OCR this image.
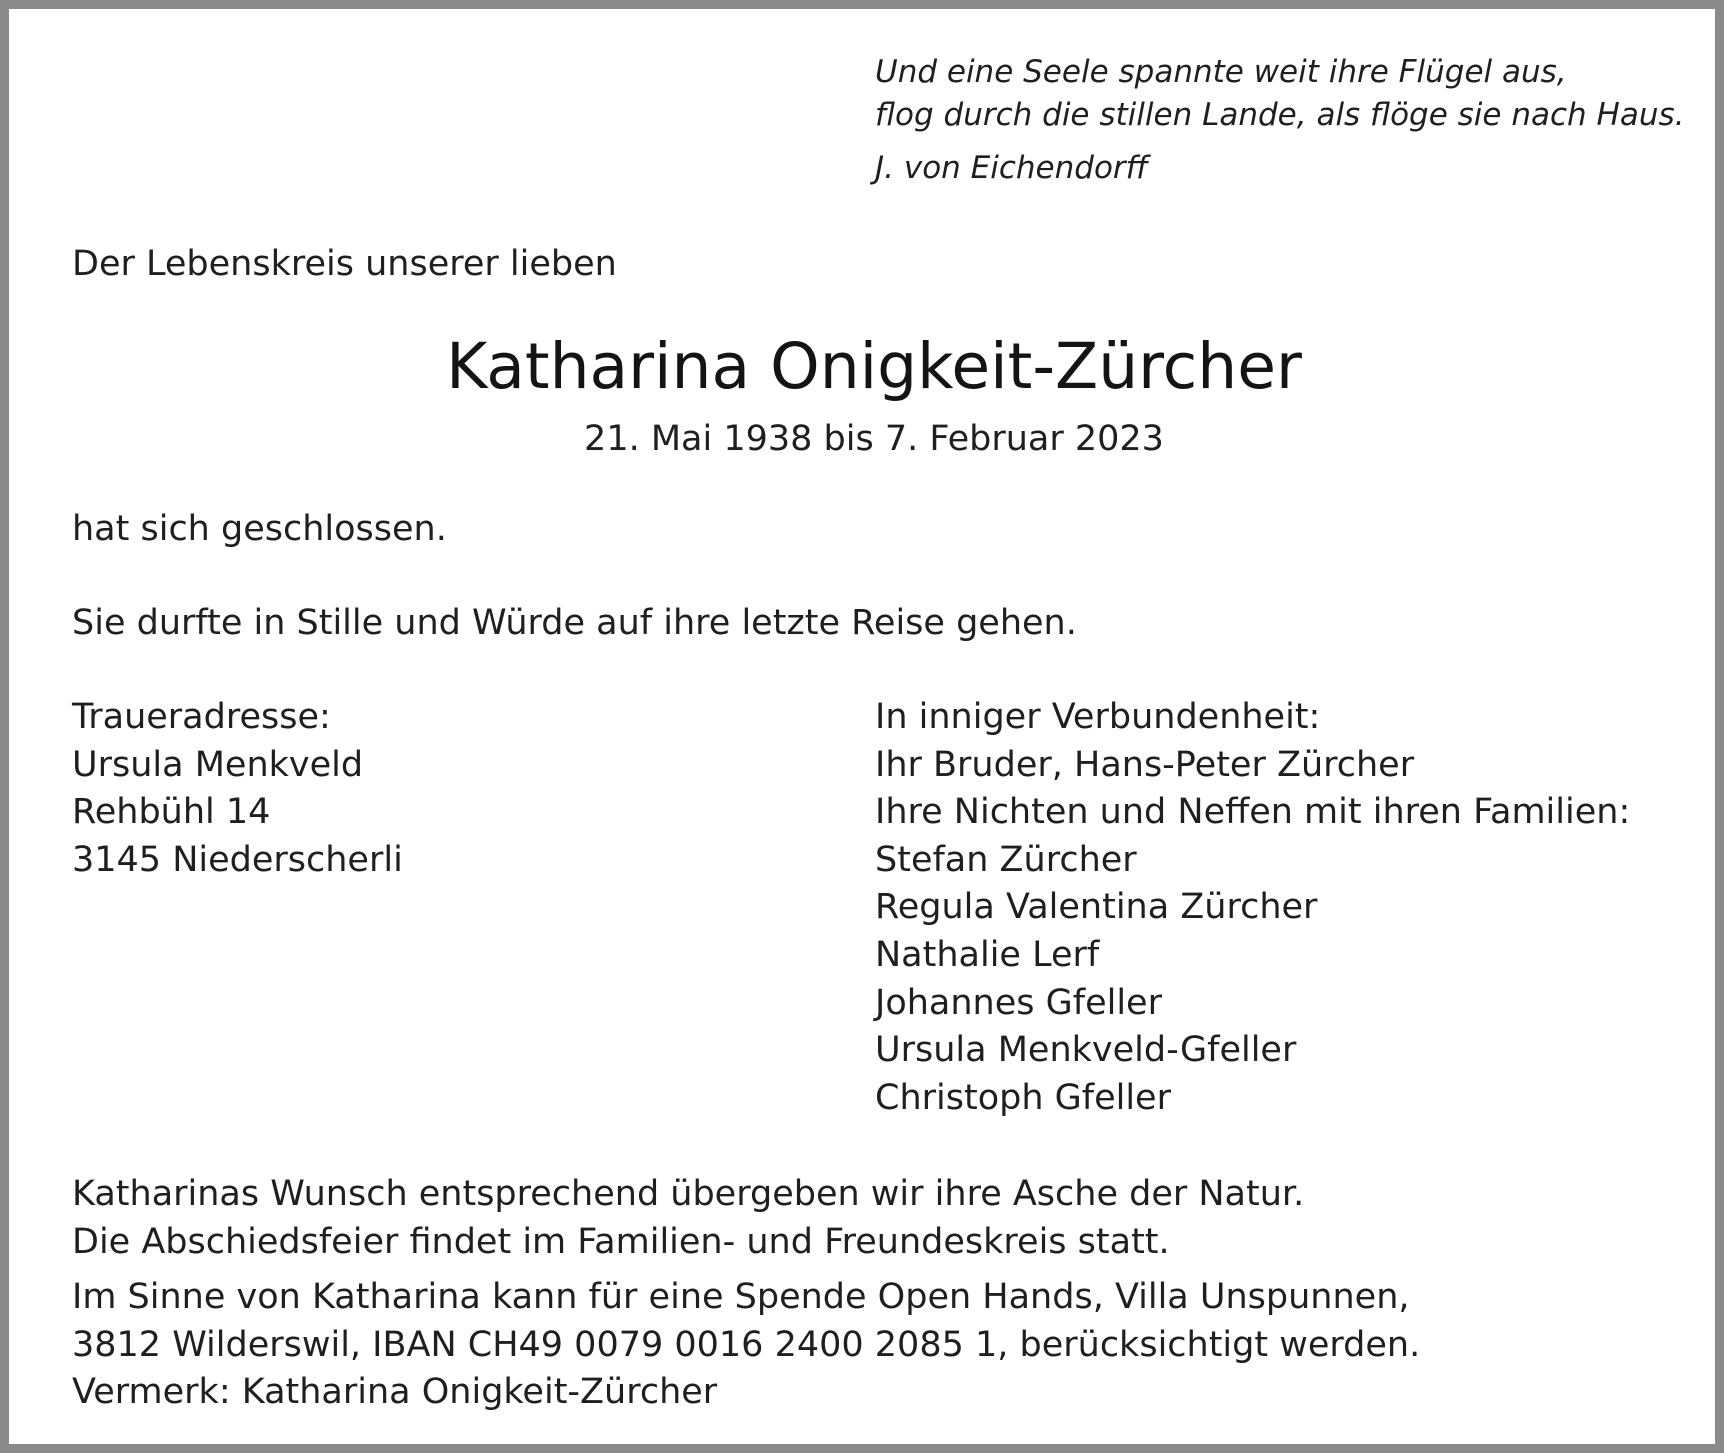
Und eine Seele spannte weit ihre Flügel aus,
flog durch die stillen Lande, als flöge sie nach Haus.
J. von Eichendorff
Der Lebenskreis unserer lieben
Katharina Onigkeit-Zürcher
21. Mai 1938 bis 7. Februar 2023
hat sich geschlossen.
Sie durfte in Stille und Würde auf ihre letzte Reise gehen.
Traueradresse:
Ursula Menkveld
Rehbühl 14
3145 Niederscherli
In inniger Verbundenheit:
Ihr Bruder, Hans-Peter Zürcher
Ihre Nichten und Neffen mit ihren Familien:
Stefan Zürcher
Regula Valentina Zürcher
Nathalie Lerf
Johannes Gfeller
Ursula Menkveld-Gfeller
Christoph Gfeller
Katharinas Wunsch entsprechend übergeben wir ihre Asche der Natur.
Die Abschiedsfeier findet im Familien- und Freundeskreis statt.
Im Sinne von Katharina kann für eine Spende Open Hands, Villa Unspunnen,
3812 Wilderswil, IBAN CH49 0079 0016 2400 2085 1, berücksichtigt werden.
Vermerk: Katharina Onigkeit-Zürcher
